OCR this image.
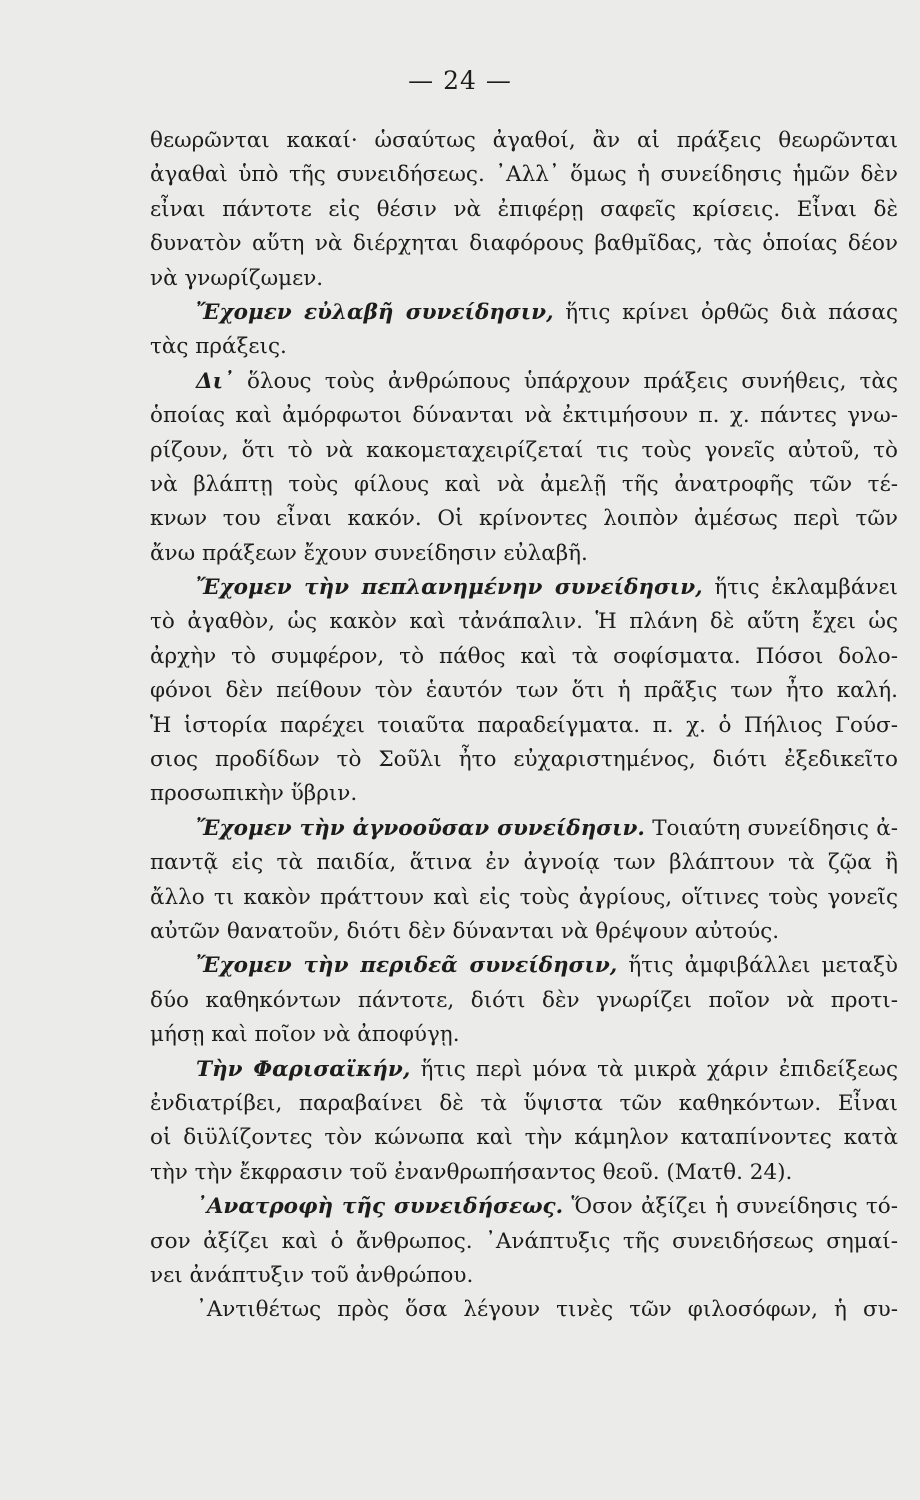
— 24 —
θεωρῶνται κακαί· ὡσαύτως ἀγαθοί, ἂν αἱ πράξεις θεωρῶνται
ἀγαθαὶ ὑπὸ τῆς συνειδήσεως. ᾿Αλλ᾿ ὅμως ἡ συνείδησις ἡμῶν δὲν
εἶναι πάντοτε εἰς θέσιν νὰ ἐπιφέρῃ σαφεῖς κρίσεις. Εἶναι δὲ
δυνατὸν αὕτη νὰ διέρχηται διαφόρους βαθμῖδας, τὰς ὁποίας δέον
νὰ γνωρίζωμεν.
Ἔχομεν εὐλαβῆ συνείδησιν, ἥτις κρίνει ὀρθῶς διὰ πάσας
τὰς πράξεις.
Δι᾿ ὅλους τοὺς ἀνθρώπους ὑπάρχουν πράξεις συνήθεις, τὰς
ὁποίας καὶ ἀμόρφωτοι δύνανται νὰ ἐκτιμήσουν π. χ. πάντες γνω-
ρίζουν, ὅτι τὸ νὰ κακομεταχειρίζεταί τις τοὺς γονεῖς αὐτοῦ, τὸ
νὰ βλάπτῃ τοὺς φίλους καὶ νὰ ἀμελῇ τῆς ἀνατροφῆς τῶν τέ-
κνων του εἶναι κακόν. Οἱ κρίνοντες λοιπὸν ἀμέσως περὶ τῶν
ἄνω πράξεων ἔχουν συνείδησιν εὐλαβῆ.
Ἔχομεν τὴν πεπλανημένην συνείδησιν, ἥτις ἐκλαμβάνει
τὸ ἀγαθὸν, ὡς κακὸν καὶ τἀνάπαλιν. Ἡ πλάνη δὲ αὕτη ἔχει ὡς
ἀρχὴν τὸ συμφέρον, τὸ πάθος καὶ τὰ σοφίσματα. Πόσοι δολο-
φόνοι δὲν πείθουν τὸν ἑαυτόν των ὅτι ἡ πρᾶξις των ἦτο καλή.
Ἡ ἱστορία παρέχει τοιαῦτα παραδείγματα. π. χ. ὁ Πήλιος Γούσ-
σιος προδίδων τὸ Σοῦλι ἦτο εὐχαριστημένος, διότι ἐξεδικεῖτο
προσωπικὴν ὕβριν.
Ἔχομεν τὴν ἀγνοοῦσαν συνείδησιν. Τοιαύτη συνείδησις ἀ-
παντᾷ εἰς τὰ παιδία, ἅτινα ἐν ἀγνοίᾳ των βλάπτουν τὰ ζῷα ἢ
ἄλλο τι κακὸν πράττουν καὶ εἰς τοὺς ἀγρίους, οἵτινες τοὺς γονεῖς
αὐτῶν θανατοῦν, διότι δὲν δύνανται νὰ θρέψουν αὐτούς.
Ἔχομεν τὴν περιδεᾶ συνείδησιν, ἥτις ἀμφιβάλλει μεταξὺ
δύο καθηκόντων πάντοτε, διότι δὲν γνωρίζει ποῖον νὰ προτι-
μήσῃ καὶ ποῖον νὰ ἀποφύγῃ.
Τὴν Φαρισαϊκήν, ἥτις περὶ μόνα τὰ μικρὰ χάριν ἐπιδείξεως
ἐνδιατρίβει, παραβαίνει δὲ τὰ ὕψιστα τῶν καθηκόντων. Εἶναι
οἱ διϋλίζοντες τὸν κώνωπα καὶ τὴν κάμηλον καταπίνοντες κατὰ
τὴν τὴν ἔκφρασιν τοῦ ἐνανθρωπήσαντος θεοῦ. (Ματθ. 24).
᾿Ανατροφὴ τῆς συνειδήσεως. Ὅσον ἀξίζει ἡ συνείδησις τό-
σον ἀξίζει καὶ ὁ ἄνθρωπος. ᾿Ανάπτυξις τῆς συνειδήσεως σημαί-
νει ἀνάπτυξιν τοῦ ἀνθρώπου.
᾿Αντιθέτως πρὸς ὅσα λέγουν τινὲς τῶν φιλοσόφων, ἡ συ-
